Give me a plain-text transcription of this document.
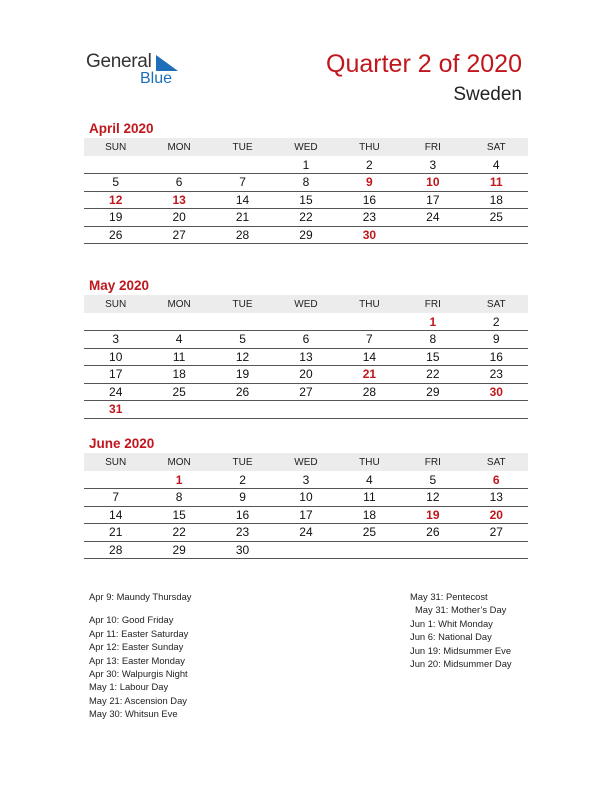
General
Blue
Quarter 2 of 2020
Sweden
April 2020
SUN	MON	TUE	WED	THU	FRI	SAT
			1	2	3	4
5	6	7	8	9	10	11
12	13	14	15	16	17	18
19	20	21	22	23	24	25
26	27	28	29	30		
May 2020
SUN	MON	TUE	WED	THU	FRI	SAT
					1	2
3	4	5	6	7	8	9
10	11	12	13	14	15	16
17	18	19	20	21	22	23
24	25	26	27	28	29	30
31						
June 2020
SUN	MON	TUE	WED	THU	FRI	SAT
	1	2	3	4	5	6
7	8	9	10	11	12	13
14	15	16	17	18	19	20
21	22	23	24	25	26	27
28	29	30				
Apr 9: Maundy Thursday
Apr 10: Good Friday
Apr 11: Easter Saturday
Apr 12: Easter Sunday
Apr 13: Easter Monday
Apr 30: Walpurgis Night
May 1: Labour Day
May 21: Ascension Day
May 30: Whitsun Eve
May 31: Pentecost
May 31: Mother’s Day
Jun 1: Whit Monday
Jun 6: National Day
Jun 19: Midsummer Eve
Jun 20: Midsummer Day
